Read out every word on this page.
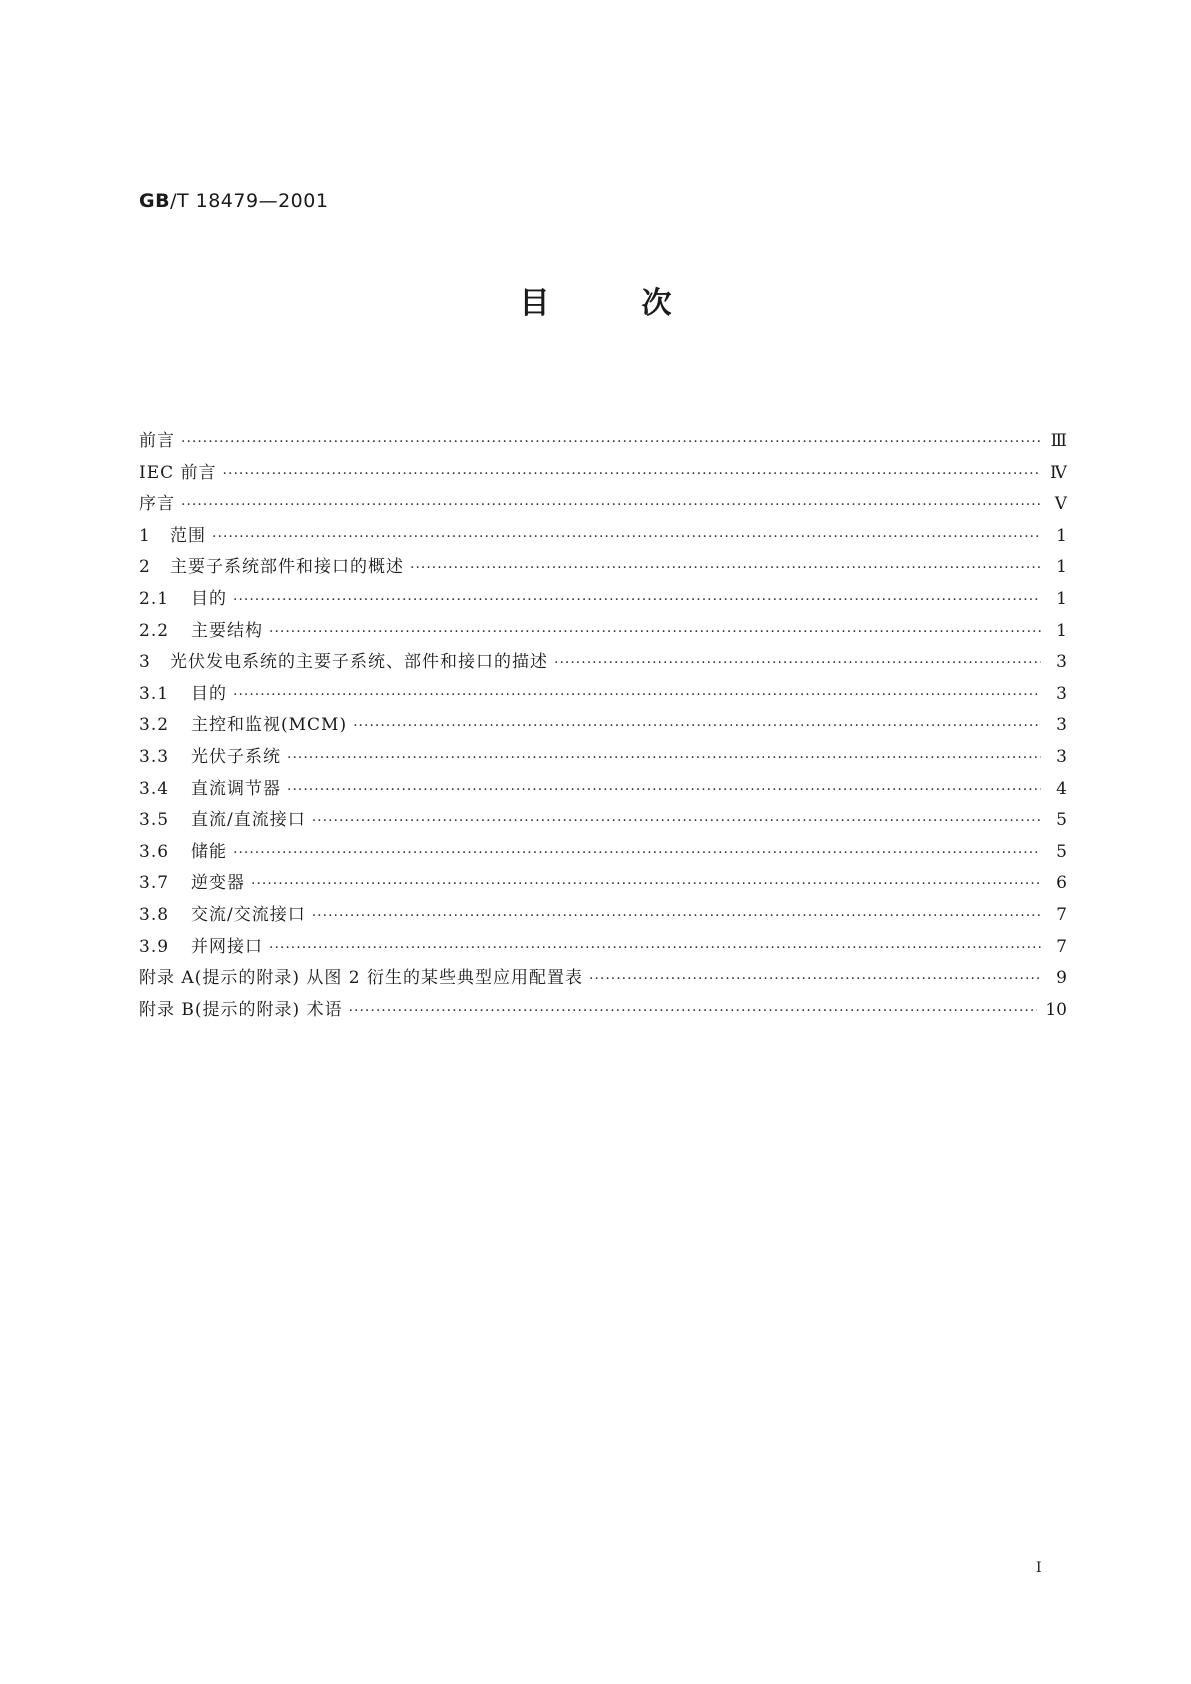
GB/T 18479—2001
目次
前言 ·····	Ⅲ
IEC 前言 ·····	Ⅳ
序言 ·····	Ⅴ
1 范围 ·····	1
2 主要子系统部件和接口的概述 ·····	1
2.1 目的 ·····	1
2.2 主要结构 ·····	1
3 光伏发电系统的主要子系统、部件和接口的描述 ·····	3
3.1 目的 ·····	3
3.2 主控和监视(MCM) ·····	3
3.3 光伏子系统 ·····	3
3.4 直流调节器 ·····	4
3.5 直流/直流接口 ·····	5
3.6 储能 ·····	5
3.7 逆变器 ·····	6
3.8 交流/交流接口 ·····	7
3.9 并网接口 ·····	7
附录 A(提示的附录) 从图 2 衍生的某些典型应用配置表 ·····	9
附录 B(提示的附录) 术语 ·····	10
Ⅰ
